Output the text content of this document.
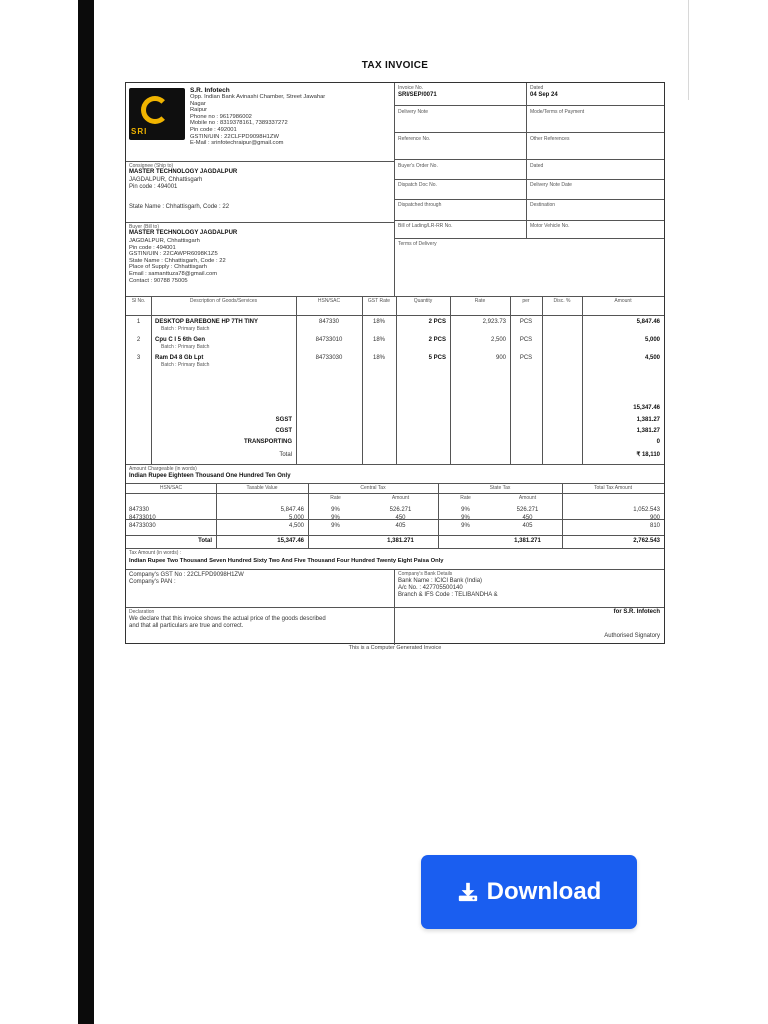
TAX INVOICE
SRI
S.R. Infotech
Opp. Indian Bank Avinashi Chamber, Street Jawahar
Nagar
Raipur
Phone no : 9617986002
Mobile no : 8319378161, 7389337272
Pin code : 492001
GSTIN/UIN : 22CLFPD9098H1ZW
E-Mail : srinfotechraipur@gmail.com
Consignee (Ship to)
MASTER TECHNOLOGY JAGDALPUR
JAGDALPUR, Chhattisgarh
Pin code : 494001
State Name : Chhattisgarh, Code : 22
Buyer (Bill to)
MASTER TECHNOLOGY JAGDALPUR
JAGDALPUR, Chhattisgarh
Pin code : 494001
GSTIN/UIN : 22CAWPR6098K1Z5
State Name : Chhattisgarh, Code : 22
Place of Supply : Chhattisgarh
Email : samanttuza78@gmail.com
Contact : 90788 75005
Invoice No.
SRI/SEP/0071
Dated
04 Sep 24
Delivery Note	Mode/Terms of Payment
Reference No.	Other References
Buyer's Order No.	Dated
Dispatch Doc No.	Delivery Note Date
Dispatched through	Destination
Bill of Lading/LR-RR No.	Motor Vehicle No.
Terms of Delivery
Sl No.	Description of Goods/Services	HSN/SAC	GST Rate	Quantity	Rate	per	Disc. %	Amount
1	DESKTOP BAREBONE HP 7TH TINY
Batch : Primary Batch
847330	18%	2 PCS	2,923.73	PCS	5,847.46
2	Cpu C I 5 6th Gen
Batch : Primary Batch
84733010	18%	2 PCS	2,500	PCS	5,000
3	Ram D4 8 Gb Lpt
Batch : Primary Batch
84733030	18%	5 PCS	900	PCS	4,500
15,347.46
SGST	1,381.27
CGST	1,381.27
TRANSPORTING	0
Total	₹ 18,110
Amount Chargeable (in words)
Indian Rupee Eighteen Thousand One Hundred Ten Only
HSN/SAC	Taxable Value	Central Tax	State Tax	Total Tax Amount
Rate	Amount	Rate	Amount
847330	5,847.46	9%	526.271	9%	526.271	1,052.543
84733010	5,000	9%	450	9%	450	900
84733030	4,500	9%	405	9%	405	810
Total	15,347.46	1,381.271	1,381.271	2,762.543
Tax Amount (in words) :
Indian Rupee Two Thousand Seven Hundred Sixty Two And Five Thousand Four Hundred Twenty Eight Paisa Only
Company's GST No : 22CLFPD9098H1ZW
Company's PAN :
Company's Bank Details
Bank Name : ICICI Bank (India)
A/c No. : 427705500140
Branch & IFS Code : TELIBANDHA &
Declaration
We declare that this invoice shows the actual price of the goods described and that all particulars are true and correct.
for S.R. Infotech
Authorised Signatory
This is a Computer Generated Invoice
Download
